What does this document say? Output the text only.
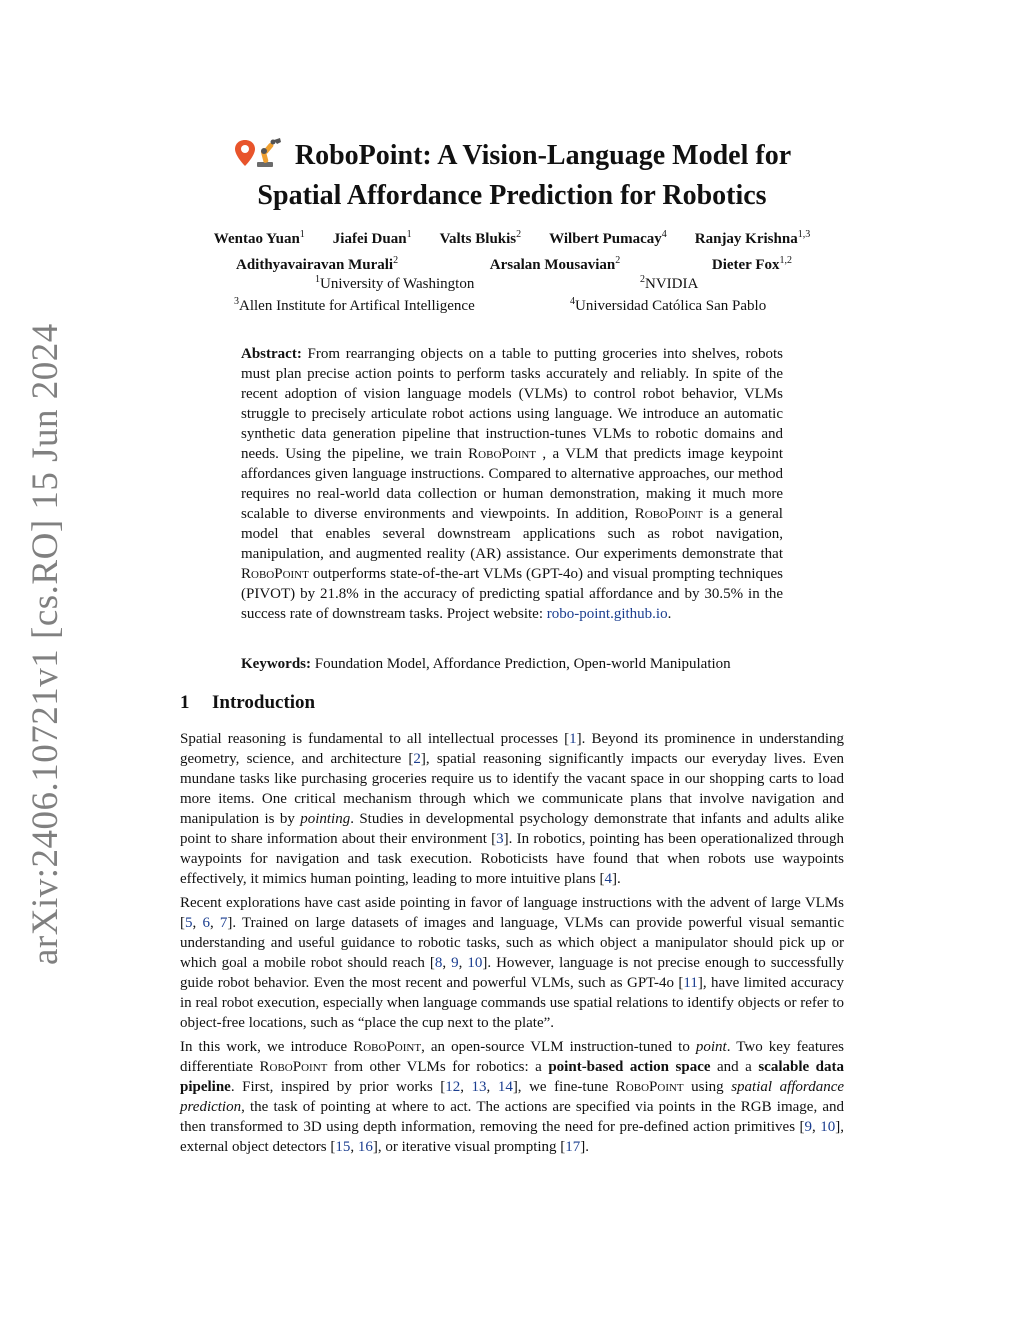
arXiv:2406.10721v1 [cs.RO] 15 Jun 2024
RoboPoint: A Vision-Language Model for
Spatial Affordance Prediction for Robotics
Wentao Yuan$^1$ Jiafei Duan$^1$ Valts Blukis$^2$ Wilbert Pumacay$^4$ Ranjay Krishna$^{1,3}$
Adithyavairavan Murali$^2$	Arsalan Mousavian$^2$	Dieter Fox$^{1,2}$
$^1$University of Washington	$^2$NVIDIA
$^3$Allen Institute for Artifical Intelligence	$^4$Universidad Católica San Pablo

Abstract: From rearranging objects on a table to putting groceries into shelves, robots must plan precise action points to perform tasks accurately and reliably. In spite of the recent adoption of vision language models (VLMs) to control robot behavior, VLMs struggle to precisely articulate robot actions using language. We introduce an automatic synthetic data generation pipeline that instruction-tunes VLMs to robotic domains and needs. Using the pipeline, we train RoboPoint , a VLM that predicts image keypoint affordances given language instructions. Compared to alternative approaches, our method requires no real-world data collection or human demonstration, making it much more scalable to diverse environments and viewpoints. In addition, RoboPoint is a general model that enables several downstream applications such as robot navigation, manipulation, and augmented reality (AR) assistance. Our experiments demonstrate that RoboPoint outperforms state-of-the-art VLMs (GPT-4o) and visual prompting techniques (PIVOT) by 21.8% in the accuracy of predicting spatial affordance and by 30.5% in the success rate of downstream tasks. Project website: robo-point.github.io.

Keywords: Foundation Model, Affordance Prediction, Open-world Manipulation
1 Introduction

Spatial reasoning is fundamental to all intellectual processes [1]. Beyond its prominence in understanding geometry, science, and architecture [2], spatial reasoning significantly impacts our everyday lives. Even mundane tasks like purchasing groceries require us to identify the vacant space in our shopping carts to load more items. One critical mechanism through which we communicate plans that involve navigation and manipulation is by pointing. Studies in developmental psychology demonstrate that infants and adults alike point to share information about their environment [3]. In robotics, pointing has been operationalized through waypoints for navigation and task execution. Roboticists have found that when robots use waypoints effectively, it mimics human pointing, leading to more intuitive plans [4].

Recent explorations have cast aside pointing in favor of language instructions with the advent of large VLMs [5, 6, 7]. Trained on large datasets of images and language, VLMs can provide powerful visual semantic understanding and useful guidance to robotic tasks, such as which object a manipulator should pick up or which goal a mobile robot should reach [8, 9, 10]. However, language is not precise enough to successfully guide robot behavior. Even the most recent and powerful VLMs, such as GPT-4o [11], have limited accuracy in real robot execution, especially when language commands use spatial relations to identify objects or refer to object-free locations, such as “place the cup next to the plate”.

In this work, we introduce RoboPoint, an open-source VLM instruction-tuned to point. Two key features differentiate RoboPoint from other VLMs for robotics: a point-based action space and a scalable data pipeline. First, inspired by prior works [12, 13, 14], we fine-tune RoboPoint using spatial affordance prediction, the task of pointing at where to act. The actions are specified via points in the RGB image, and then transformed to 3D using depth information, removing the need for pre-defined action primitives [9, 10], external object detectors [15, 16], or iterative visual prompting [17].
